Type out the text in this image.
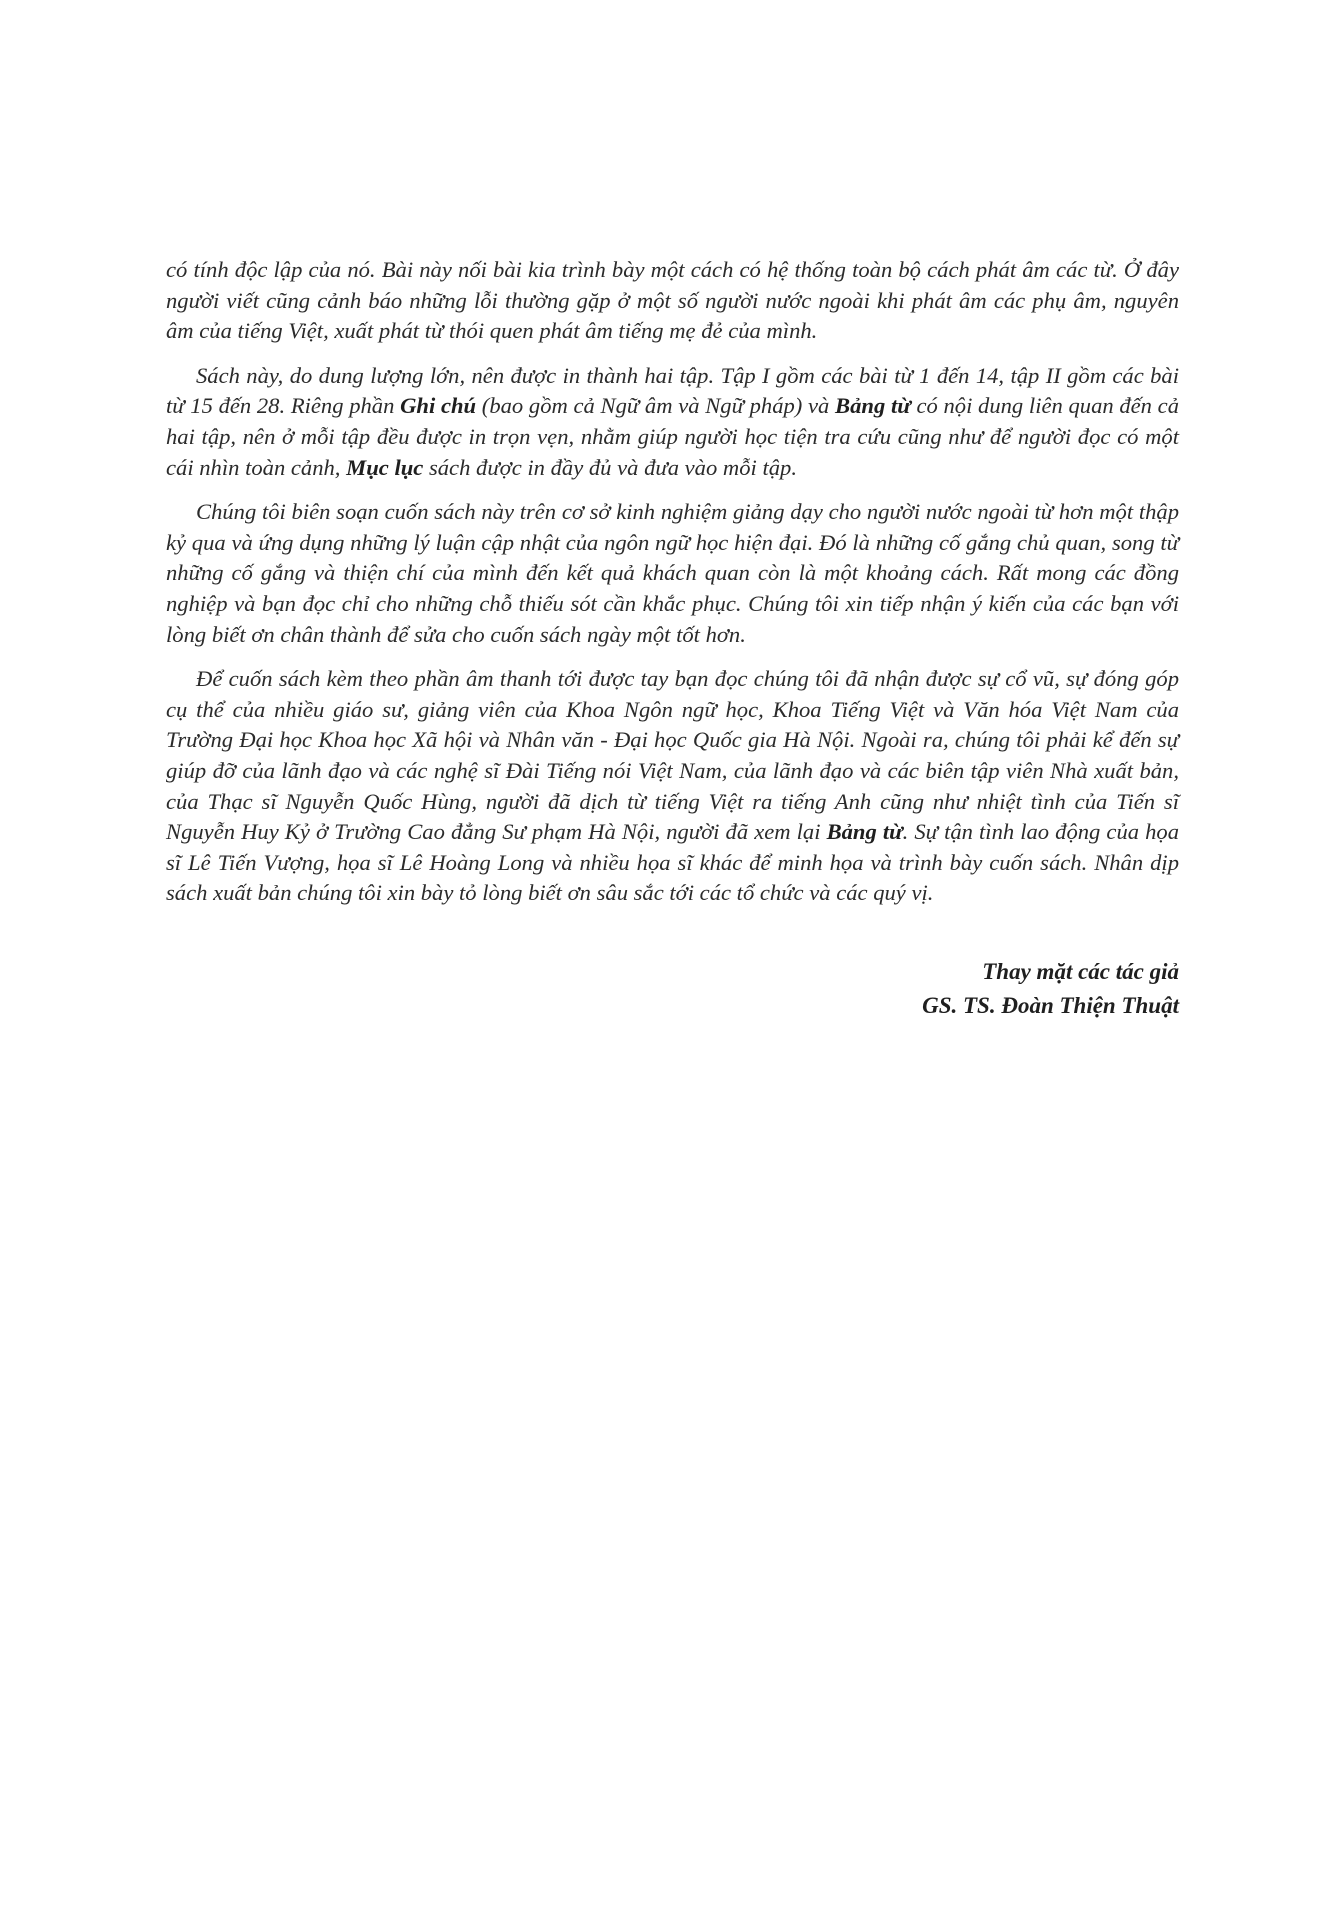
có tính độc lập của nó. Bài này nối bài kia trình bày một cách có hệ thống toàn bộ cách phát âm các từ. Ở đây người viết cũng cảnh báo những lỗi thường gặp ở một số người nước ngoài khi phát âm các phụ âm, nguyên âm của tiếng Việt, xuất phát từ thói quen phát âm tiếng mẹ đẻ của mình.

Sách này, do dung lượng lớn, nên được in thành hai tập. Tập I gồm các bài từ 1 đến 14, tập II gồm các bài từ 15 đến 28. Riêng phần Ghi chú (bao gồm cả Ngữ âm và Ngữ pháp) và Bảng từ có nội dung liên quan đến cả hai tập, nên ở mỗi tập đều được in trọn vẹn, nhằm giúp người học tiện tra cứu cũng như để người đọc có một cái nhìn toàn cảnh, Mục lục sách được in đầy đủ và đưa vào mỗi tập.

Chúng tôi biên soạn cuốn sách này trên cơ sở kinh nghiệm giảng dạy cho người nước ngoài từ hơn một thập kỷ qua và ứng dụng những lý luận cập nhật của ngôn ngữ học hiện đại. Đó là những cố gắng chủ quan, song từ những cố gắng và thiện chí của mình đến kết quả khách quan còn là một khoảng cách. Rất mong các đồng nghiệp và bạn đọc chỉ cho những chỗ thiếu sót cần khắc phục. Chúng tôi xin tiếp nhận ý kiến của các bạn với lòng biết ơn chân thành để sửa cho cuốn sách ngày một tốt hơn.

Để cuốn sách kèm theo phần âm thanh tới được tay bạn đọc chúng tôi đã nhận được sự cổ vũ, sự đóng góp cụ thể của nhiều giáo sư, giảng viên của Khoa Ngôn ngữ học, Khoa Tiếng Việt và Văn hóa Việt Nam của Trường Đại học Khoa học Xã hội và Nhân văn - Đại học Quốc gia Hà Nội. Ngoài ra, chúng tôi phải kể đến sự giúp đỡ của lãnh đạo và các nghệ sĩ Đài Tiếng nói Việt Nam, của lãnh đạo và các biên tập viên Nhà xuất bản, của Thạc sĩ Nguyễn Quốc Hùng, người đã dịch từ tiếng Việt ra tiếng Anh cũng như nhiệt tình của Tiến sĩ Nguyễn Huy Kỷ ở Trường Cao đẳng Sư phạm Hà Nội, người đã xem lại Bảng từ. Sự tận tình lao động của họa sĩ Lê Tiến Vượng, họa sĩ Lê Hoàng Long và nhiều họa sĩ khác để minh họa và trình bày cuốn sách. Nhân dịp sách xuất bản chúng tôi xin bày tỏ lòng biết ơn sâu sắc tới các tổ chức và các quý vị.

Thay mặt các tác giả
GS. TS. Đoàn Thiện Thuật
